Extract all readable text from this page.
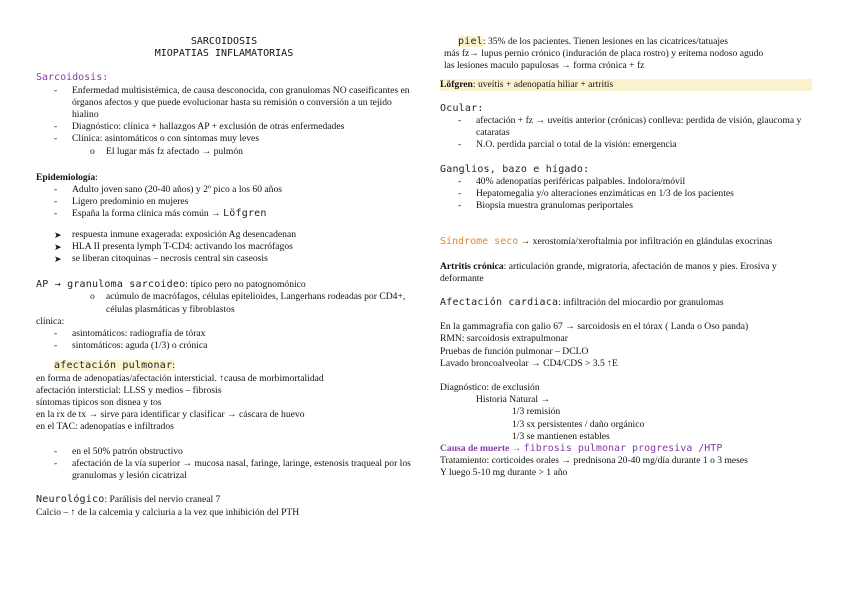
SARCOIDOSIS
MIOPATIAS INFLAMATORIAS
Sarcoidosis:
- Enfermedad multisistémica, de causa desconocida, con granulomas NO caseificantes en órganos afectos y que puede evolucionar hasta su remisión o conversión a un tejido hialino
- Diagnóstico: clínica + hallazgos AP + exclusión de otras enfermedades
- Clínica: asintomáticos o con síntomas muy leves
o El lugar más fz afectado → pulmón
Epidemiología:
- Adulto joven sano (20-40 años) y 2º pico a los 60 años
- Ligero predominio en mujeres
- España la forma clínica más común → Löfgren
➤ respuesta inmune exagerada: exposición Ag desencadenan
➤ HLA II presenta lymph T-CD4: activando los macrófagos
➤ se liberan citoquinas – necrosis central sin caseosis
AP → granuloma sarcoideo: típico pero no patognomónico
o acúmulo de macrófagos, células epitelioides, Langerhans rodeadas por CD4+, células plasmáticas y fibroblastos
clínica:
- asintomáticos: radiografía de tórax
- sintomáticos: aguda (1/3) o crónica
afectación pulmonar:
en forma de adenopatías/afectación intersticial. ↑causa de morbimortalidad
afectación intersticial: LLSS y medios – fibrosis
síntomas típicos son disnea y tos
en la rx de tx → sirve para identificar y clasificar → cáscara de huevo
en el TAC: adenopatías e infiltrados
- en el 50% patrón obstructivo
- afectación de la vía superior → mucosa nasal, faringe, laringe, estenosis traqueal por los granulomas y lesión cicatrizal
Neurológico: Parálisis del nervio craneal 7
Calcio – ↑ de la calcemia y calciuria a la vez que inhibición del PTH
piel: 35% de los pacientes. Tienen lesiones en las cicatrices/tatuajes
más fz→ lupus pernio crónico (induración de placa rostro) y eritema nodoso agudo
las lesiones maculo papulosas → forma crónica + fz
Löfgren: uveítis + adenopatía hiliar + artritis
Ocular:
- afectación + fz → uveítis anterior (crónicas) conlleva: perdida de visión, glaucoma y cataratas
- N.O. perdida parcial o total de la visión: emergencia
Ganglios, bazo e hígado:
- 40% adenopatías periféricas palpables. Indolora/móvil
- Hepatomegalia y/o alteraciones enzimáticas en 1/3 de los pacientes
- Biopsia muestra granulomas periportales
Síndrome seco → xerostomía/xeroftalmia por infiltración en glándulas exocrinas
Artritis crónica: articulación grande, migratoria, afectación de manos y pies. Erosiva y deformante
Afectación cardiaca: infiltración del miocardio por granulomas
En la gammagrafía con galio 67 → sarcoidosis en el tórax ( Landa o Oso panda)
RMN: sarcoidosis extrapulmonar
Pruebas de función pulmonar – DCLO
Lavado broncoalveolar → CD4/CDS > 3.5 ↑E
Diagnóstico: de exclusión
Historia Natural →
1/3 remisión
1/3 sx persistentes / daño orgánico
1/3 se mantienen estables
Causa de muerte → fibrosis pulmonar progresiva /HTP
Tratamiento: corticoides orales → prednisona 20-40 mg/día durante 1 o 3 meses
Y luego 5-10 mg durante > 1 año
